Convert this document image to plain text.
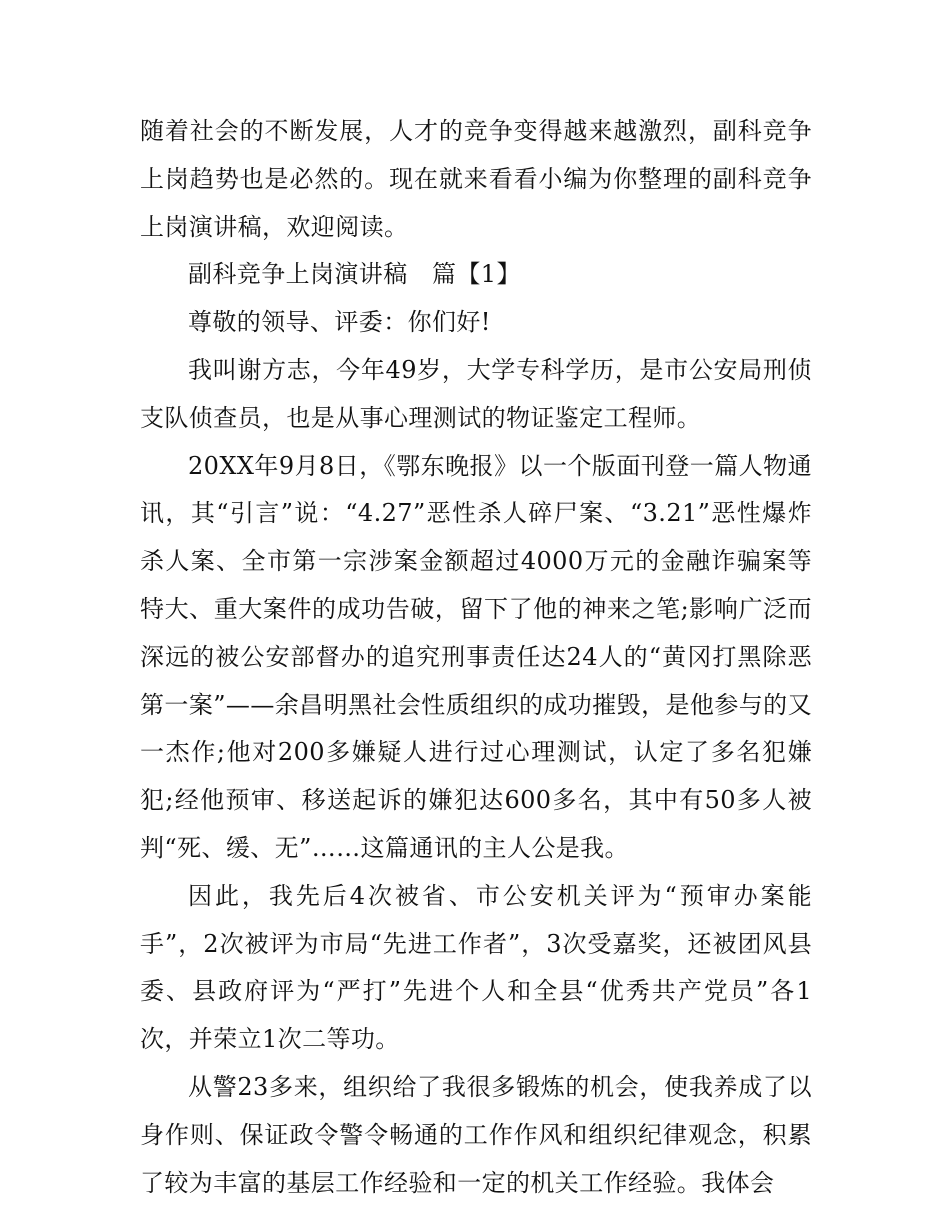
随着社会的不断发展，人才的竞争变得越来越激烈，副科竞争上岗趋势也是必然的。现在就来看看小编为你整理的副科竞争上岗演讲稿，欢迎阅读。

副科竞争上岗演讲稿　篇【1】

尊敬的领导、评委：你们好!

我叫谢方志，今年49岁，大学专科学历，是市公安局刑侦支队侦查员，也是从事心理测试的物证鉴定工程师。

20XX年9月8日，《鄂东晚报》以一个版面刊登一篇人物通讯，其“引言”说：“4.27”恶性杀人碎尸案、“3.21”恶性爆炸杀人案、全市第一宗涉案金额超过4000万元的金融诈骗案等特大、重大案件的成功告破，留下了他的神来之笔;影响广泛而深远的被公安部督办的追究刑事责任达24人的“黄冈打黑除恶第一案”——余昌明黑社会性质组织的成功摧毁，是他参与的又一杰作;他对200多嫌疑人进行过心理测试，认定了多名犯嫌犯;经他预审、移送起诉的嫌犯达600多名，其中有50多人被判“死、缓、无”……这篇通讯的主人公是我。

因此，我先后4次被省、市公安机关评为“预审办案能手”，2次被评为市局“先进工作者”，3次受嘉奖，还被团风县委、县政府评为“严打”先进个人和全县“优秀共产党员”各1次，并荣立1次二等功。

从警23多来，组织给了我很多锻炼的机会，使我养成了以身作则、保证政令警令畅通的工作作风和组织纪律观念，积累了较为丰富的基层工作经验和一定的机关工作经验。我体会
